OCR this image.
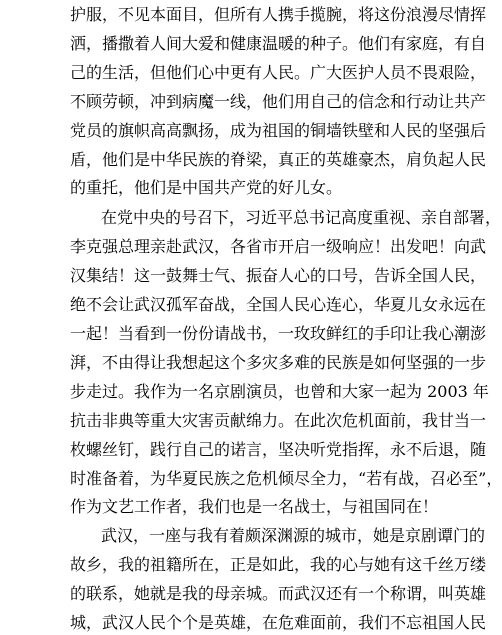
护服，不见本面目，但所有人携手揽腕，将这份浪漫尽情挥
洒，播撒着人间大爱和健康温暖的种子。他们有家庭，有自
己的生活，但他们心中更有人民。广大医护人员不畏艰险，
不顾劳顿，冲到病魔一线，他们用自己的信念和行动让共产
党员的旗帜高高飘扬，成为祖国的铜墙铁壁和人民的坚强后
盾，他们是中华民族的脊梁，真正的英雄豪杰，肩负起人民
的重托，他们是中国共产党的好儿女。
在党中央的号召下，习近平总书记高度重视、亲自部署，
李克强总理亲赴武汉，各省市开启一级响应！出发吧！向武
汉集结！这一鼓舞士气、振奋人心的口号，告诉全国人民，
绝不会让武汉孤军奋战，全国人民心连心，华夏儿女永远在
一起！当看到一份份请战书，一玫玫鲜红的手印让我心潮澎
湃，不由得让我想起这个多灾多难的民族是如何坚强的一步
步走过。我作为一名京剧演员，也曾和大家一起为 2003 年
抗击非典等重大灾害贡献绵力。在此次危机面前，我甘当一
枚螺丝钉，践行自己的诺言，坚决听党指挥，永不后退，随
时准备着，为华夏民族之危机倾尽全力，“若有战，召必至”，
作为文艺工作者，我们也是一名战士，与祖国同在！
武汉，一座与我有着颇深渊源的城市，她是京剧谭门的
故乡，我的祖籍所在，正是如此，我的心与她有这千丝万缕
的联系，她就是我的母亲城。而武汉还有一个称谓，叫英雄
城，武汉人民个个是英雄，在危难面前，我们不忘祖国人民
